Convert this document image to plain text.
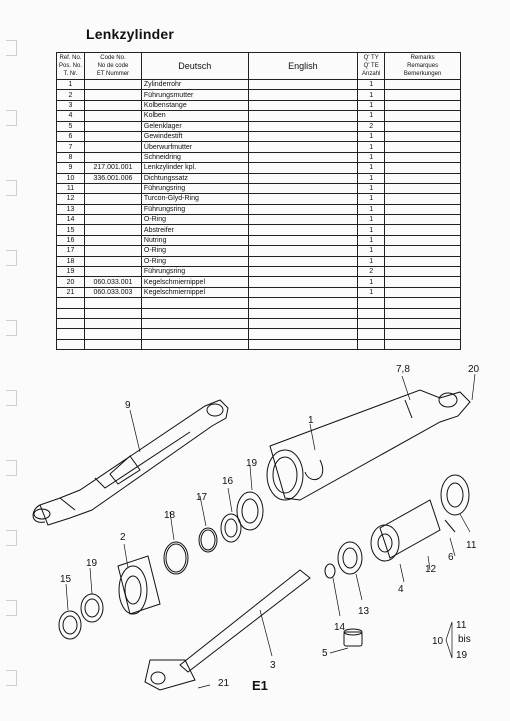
Lenkzylinder
Ref. No.
Pos. No.
T. Nr.	Code No.
No de code
ET Nummer	Deutsch	English	Q' TY
Q' TE
Anzahl	Remarks
Remarques
Bemerkungen
1		Zylinderrohr		1	
2		Führungsmutter		1	
3		Kolbenstange		1	
4		Kolben		1	
5		Gelenklager		2	
6		Gewindestift		1	
7		Überwurfmutter		1	
8		Schneidring		1	
9	217.001.001	Lenkzylinder kpl.		1	
10	336.001.006	Dichtungssatz		1	
11		Führungsring		1	
12		Turcon-Glyd-Ring		1	
13		Führungsring		1	
14		O-Ring		1	
15		Abstreifer		1	
16		Nutring		1	
17		O-Ring		1	
18		O-Ring		1	
19		Führungsring		2	
20	060.033.001	Kegelschmiernippel		1	
21	060.033.003	Kegelschmiernippel		1	

1
2
3
4
5
6
7,8
9
10
11
12
13
14
15
16
17
18
19
19
20
21
11
bis
19
E1
